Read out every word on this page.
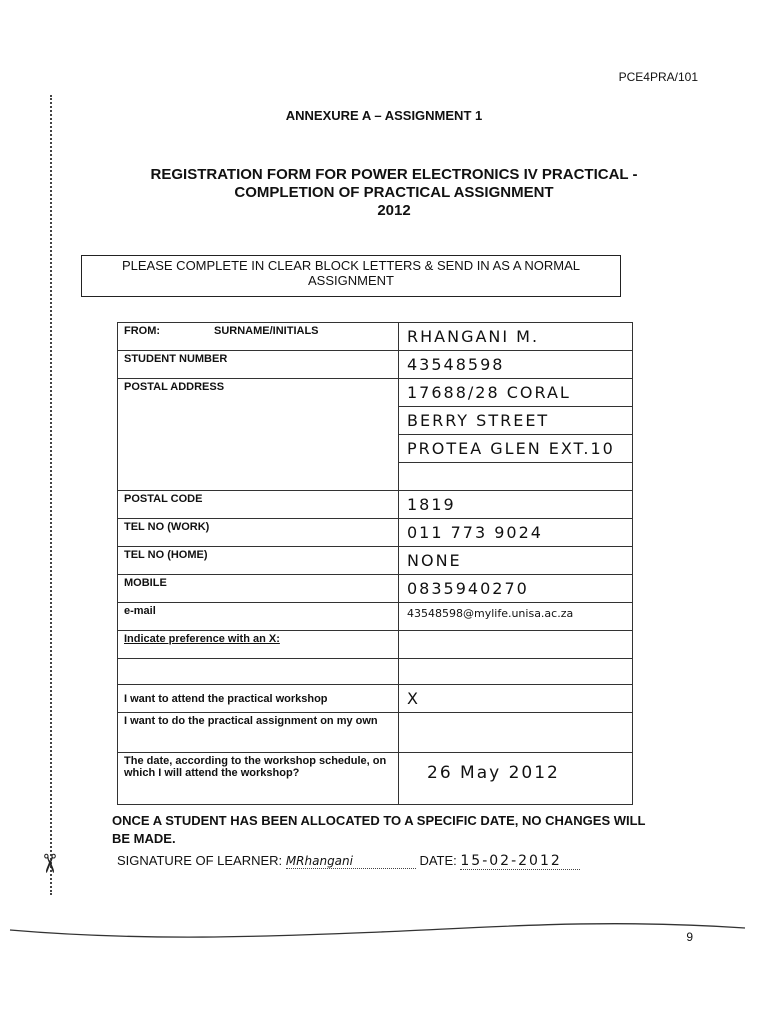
PCE4PRA/101
✂
ANNEXURE A – ASSIGNMENT 1
REGISTRATION FORM FOR POWER ELECTRONICS IV PRACTICAL -
COMPLETION OF PRACTICAL ASSIGNMENT
2012
PLEASE COMPLETE IN CLEAR BLOCK LETTERS & SEND IN AS A NORMAL ASSIGNMENT
FROM: SURNAME/INITIALS	RHANGANI M.
STUDENT NUMBER	43548598
POSTAL ADDRESS	17688/28 CORAL
	BERRY STREET
	PROTEA GLEN EXT.10

POSTAL CODE	1819
TEL NO (WORK)	011 773 9024
TEL NO (HOME)	NONE
MOBILE	0835940270
e-mail	43548598@mylife.unisa.ac.za
Indicate preference with an X:	

I want to attend the practical workshop	X
I want to do the practical assignment on my own	
The date, according to the workshop schedule, on which I will attend the workshop?	26 May 2012
ONCE A STUDENT HAS BEEN ALLOCATED TO A SPECIFIC DATE, NO CHANGES WILL BE MADE.
SIGNATURE OF LEARNER: MRhangani	DATE: 15-02-2012
9
